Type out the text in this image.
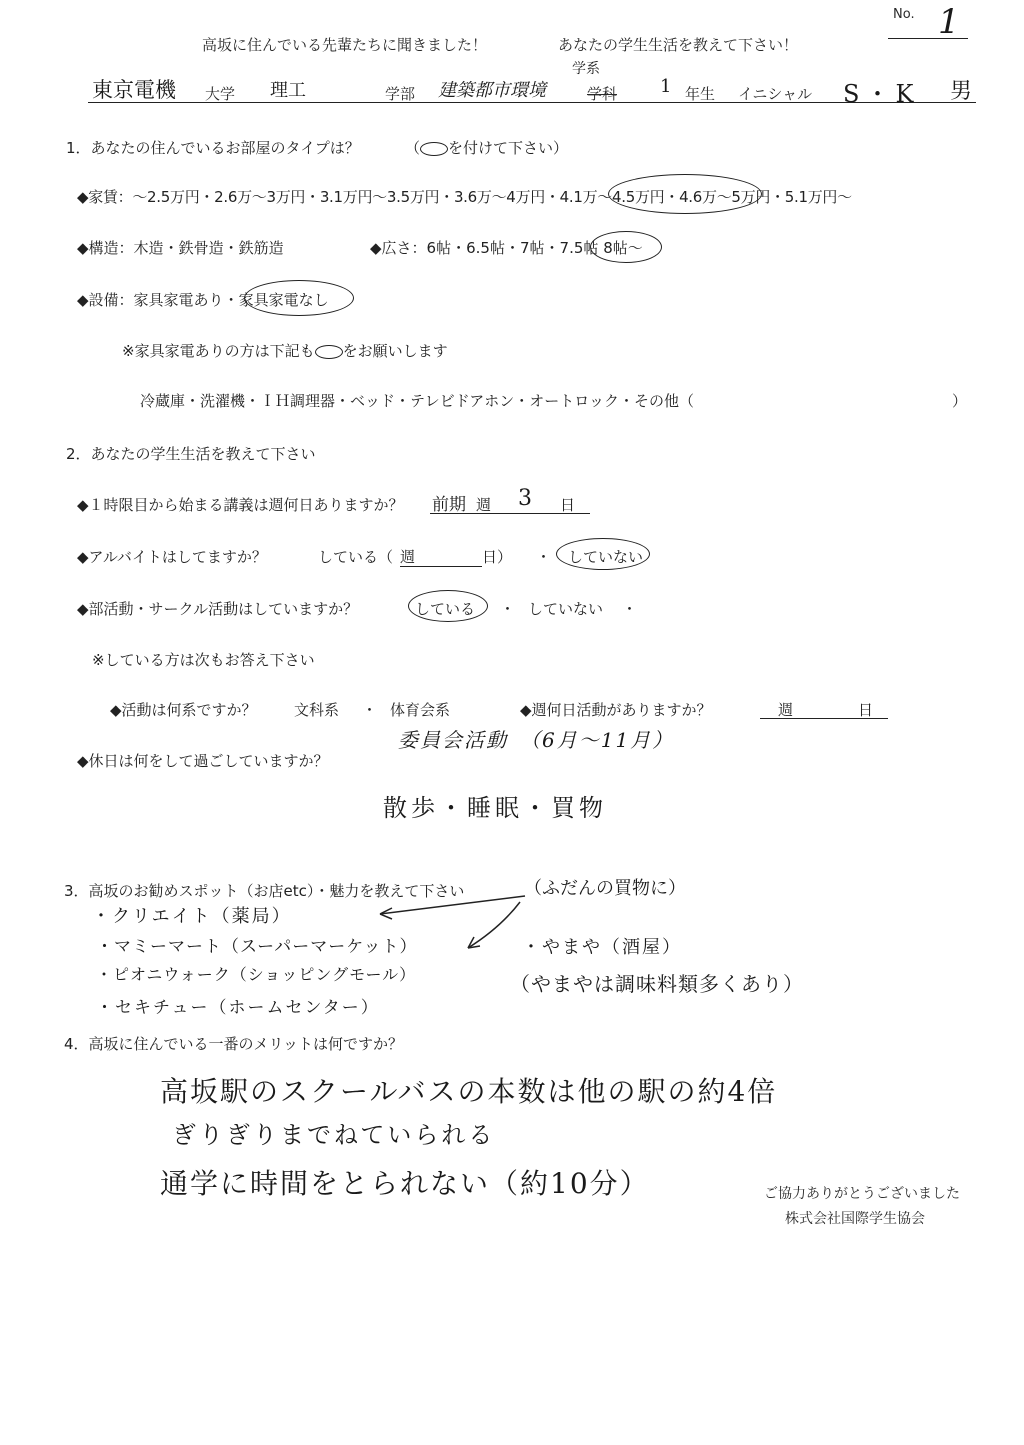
No. 1
高坂に住んでいる先輩たちに聞きました！	あなたの学生生活を教えて下さい！
東京電機 大学 理工	学部 建築都市環境
学系
学科 1 年生 イニシャル S・K 男
1．あなたの住んでいるお部屋のタイプは？	（ を付けて下さい）
◆家賃：～2.5万円・2.6万～3万円・3.1万円～3.5万円・3.6万～4万円・4.1万～4.5万円・4.6万～5万円・5.1万円～
◆構造：木造・鉄骨造・鉄筋造	◆広さ：6帖・6.5帖・7帖・7.5帖 8帖～
◆設備：家具家電あり・家具家電なし
※家具家電ありの方は下記も をお願いします
冷蔵庫・洗濯機・ＩＨ調理器・ベッド・テレビドアホン・オートロック・その他（	）
2．あなたの学生生活を教えて下さい
◆１時限目から始まる講義は週何日ありますか？ 前期 週 3 日
◆アルバイトはしてますか？	している（ 週	日） ・ していない
◆部活動・サークル活動はしていますか？	している ・ していない ・
※している方は次もお答え下さい
◆活動は何系ですか？ 文科系 ・ 体育会系	◆週何日活動がありますか？	週	日
委員会活動　（6月～11月）
◆休日は何をして過ごしていますか？
散歩・睡眠・買物
3．高坂のお勧めスポット（お店etc）・魅力を教えて下さい	（ふだんの買物に）
・クリエイト（薬局）
・マミーマート（スーパーマーケット）
・ピオニウォーク（ショッピングモール）
・セキチュー（ホームセンター）
・やまや（酒屋）
（やまやは調味料類多くあり）
4．高坂に住んでいる一番のメリットは何ですか？
高坂駅のスクールバスの本数は他の駅の約4倍
ぎりぎりまでねていられる
通学に時間をとられない（約10分）	ご協力ありがとうございました
株式会社国際学生協会
